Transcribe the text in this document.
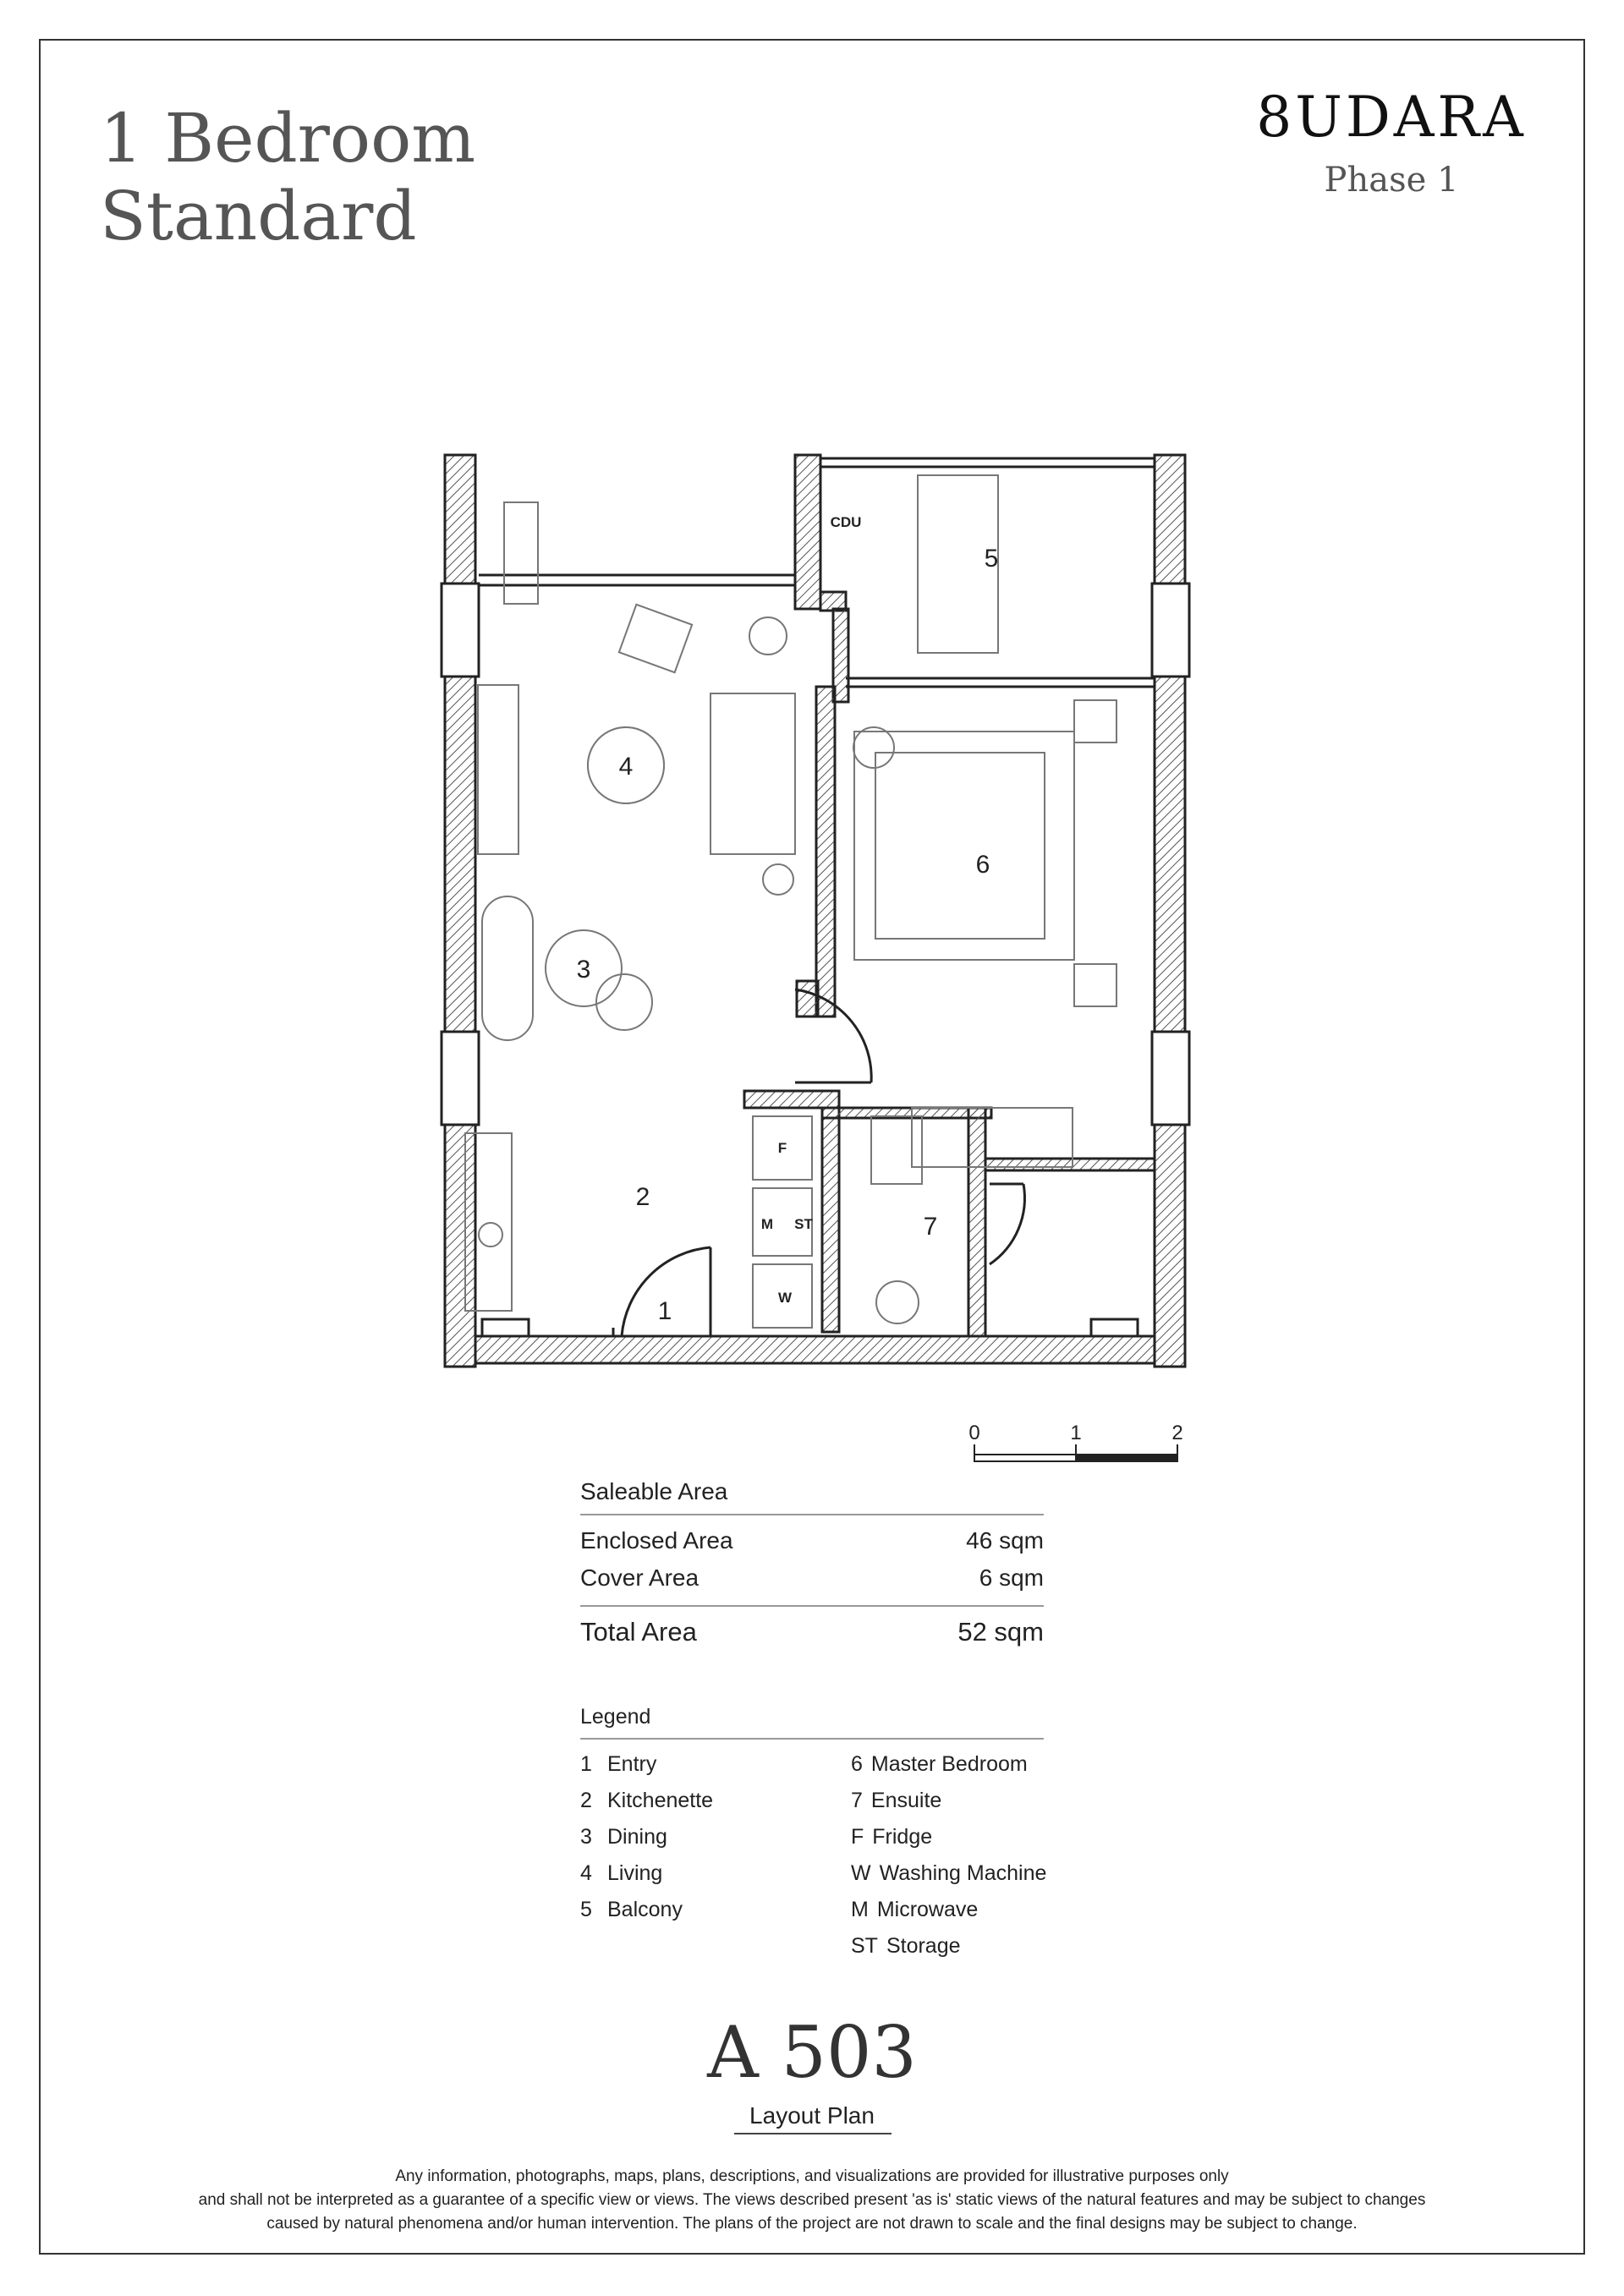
1 Bedroom
Standard
8UDARA
Phase 1
1
2
3
4
5
6
7
CDU
F
M ST
W
0	1	2
Saleable Area
Enclosed Area	46 sqm
Cover Area	6 sqm
Total Area	52 sqm
Legend
1 Entry
2 Kitchenette
3 Dining
4 Living
5 Balcony
6 Master Bedroom
7 Ensuite
F Fridge
W Washing Machine
M Microwave
ST Storage
A 503
Layout Plan
Any information, photographs, maps, plans, descriptions, and visualizations are provided for illustrative purposes only
and shall not be interpreted as a guarantee of a specific view or views. The views described present 'as is' static views of the natural features and may be subject to changes
caused by natural phenomena and/or human intervention. The plans of the project are not drawn to scale and the final designs may be subject to change.
